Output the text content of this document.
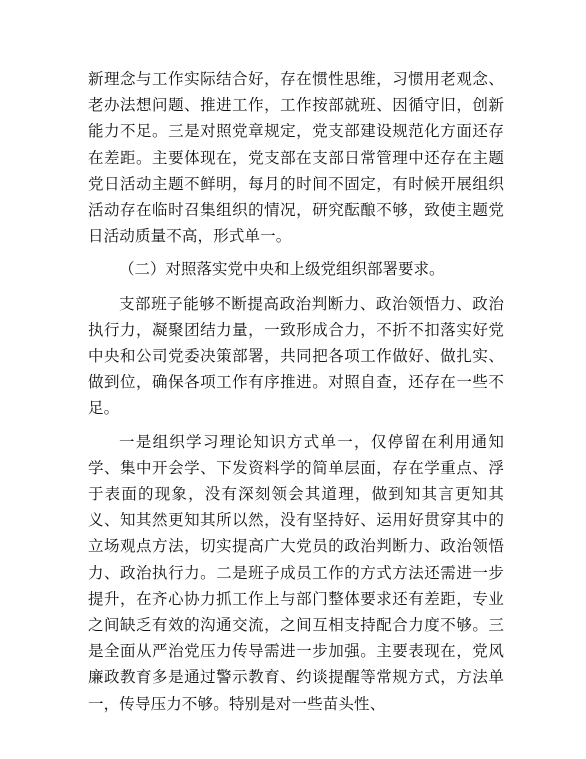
新理念与工作实际结合好，存在惯性思维，习惯用老观念、老办法想问题、推进工作，工作按部就班、因循守旧，创新能力不足。三是对照党章规定，党支部建设规范化方面还存在差距。主要体现在，党支部在支部日常管理中还存在主题党日活动主题不鲜明，每月的时间不固定，有时候开展组织活动存在临时召集组织的情况，研究酝酿不够，致使主题党日活动质量不高，形式单一。

（二）对照落实党中央和上级党组织部署要求。

支部班子能够不断提高政治判断力、政治领悟力、政治执行力，凝聚团结力量，一致形成合力，不折不扣落实好党中央和公司党委决策部署，共同把各项工作做好、做扎实、做到位，确保各项工作有序推进。对照自查，还存在一些不足。

一是组织学习理论知识方式单一，仅停留在利用通知学、集中开会学、下发资料学的简单层面，存在学重点、浮于表面的现象，没有深刻领会其道理，做到知其言更知其义、知其然更知其所以然，没有坚持好、运用好贯穿其中的立场观点方法，切实提高广大党员的政治判断力、政治领悟力、政治执行力。二是班子成员工作的方式方法还需进一步提升，在齐心协力抓工作上与部门整体要求还有差距，专业之间缺乏有效的沟通交流，之间互相支持配合力度不够。三是全面从严治党压力传导需进一步加强。主要表现在，党风廉政教育多是通过警示教育、约谈提醒等常规方式，方法单一，传导压力不够。特别是对一些苗头性、
